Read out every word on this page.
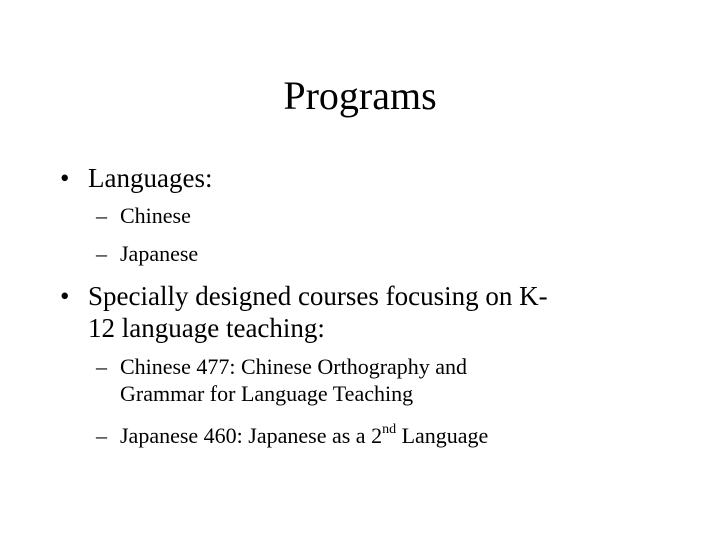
Programs
• Languages:
– Chinese
– Japanese
• Specially designed courses focusing on K-
12 language teaching:
– Chinese 477: Chinese Orthography and
Grammar for Language Teaching
– Japanese 460: Japanese as a 2nd Language
